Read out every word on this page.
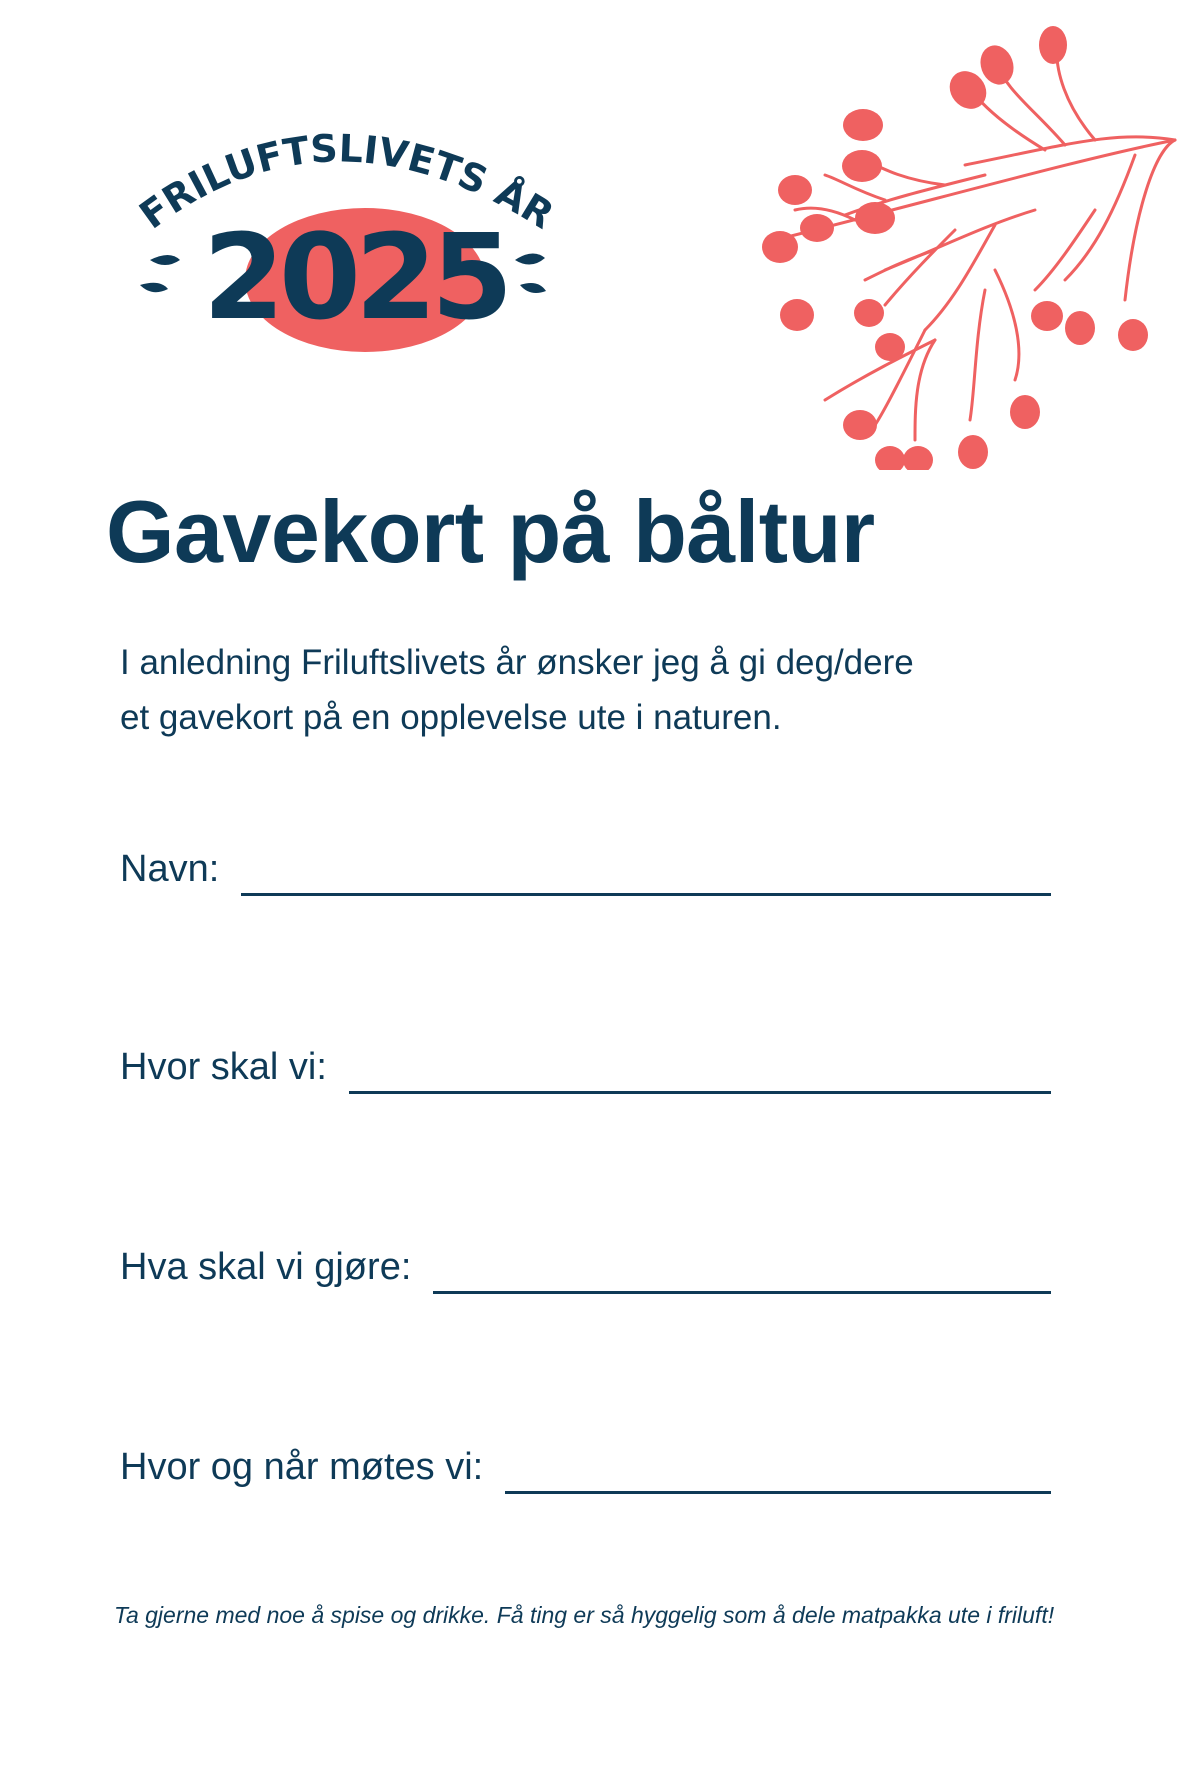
FRILUFTSLIVETS ÅR
2025
Gavekort på båltur

I anledning Friluftslivets år ønsker jeg å gi deg/dere

et gavekort på en opplevelse ute i naturen.

Navn:
Hvor skal vi:
Hva skal vi gjøre:
Hvor og når møtes vi:
Ta gjerne med noe å spise og drikke. Få ting er så hyggelig som å dele matpakka ute i friluft!
